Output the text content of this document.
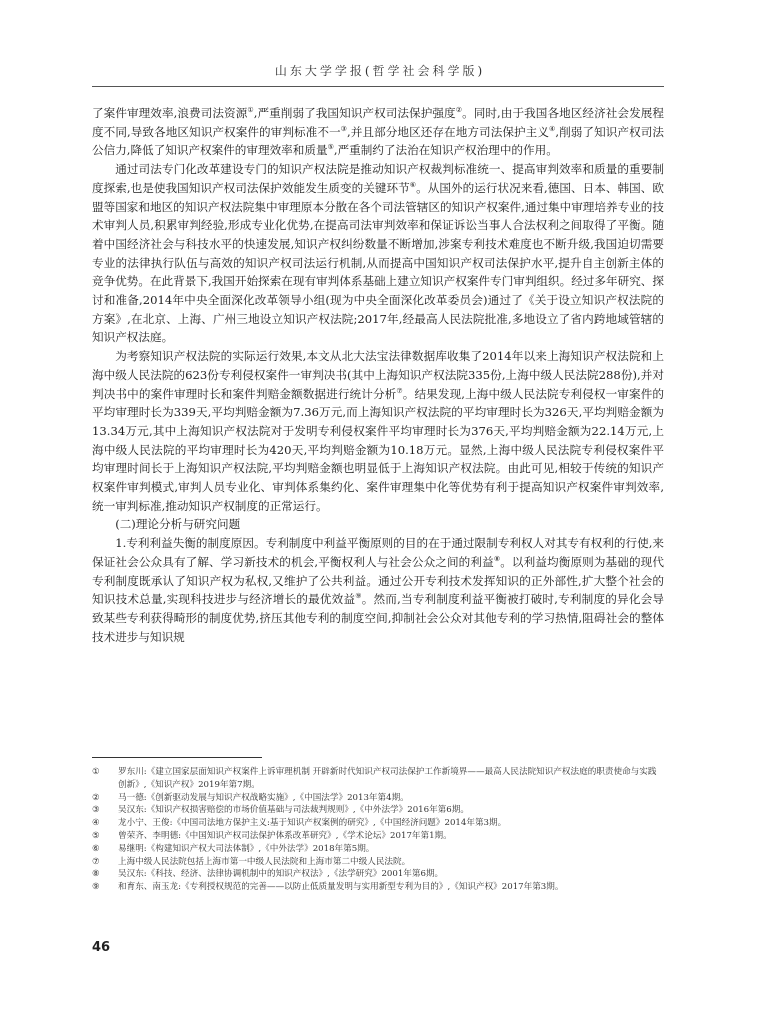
山东大学学报(哲学社会科学版)

了案件审理效率,浪费司法资源①,严重削弱了我国知识产权司法保护强度②。同时,由于我国各地区经济社会发展程度不同,导致各地区知识产权案件的审判标准不一③,并且部分地区还存在地方司法保护主义④,削弱了知识产权司法公信力,降低了知识产权案件的审理效率和质量⑤,严重制约了法治在知识产权治理中的作用。

通过司法专门化改革建设专门的知识产权法院是推动知识产权裁判标准统一、提高审判效率和质量的重要制度探索,也是使我国知识产权司法保护效能发生质变的关键环节⑥。从国外的运行状况来看,德国、日本、韩国、欧盟等国家和地区的知识产权法院集中审理原本分散在各个司法管辖区的知识产权案件,通过集中审理培养专业的技术审判人员,积累审判经验,形成专业化优势,在提高司法审判效率和保证诉讼当事人合法权利之间取得了平衡。随着中国经济社会与科技水平的快速发展,知识产权纠纷数量不断增加,涉案专利技术难度也不断升级,我国迫切需要专业的法律执行队伍与高效的知识产权司法运行机制,从而提高中国知识产权司法保护水平,提升自主创新主体的竞争优势。在此背景下,我国开始探索在现有审判体系基础上建立知识产权案件专门审判组织。经过多年研究、探讨和准备,2014年中央全面深化改革领导小组(现为中央全面深化改革委员会)通过了《关于设立知识产权法院的方案》,在北京、上海、广州三地设立知识产权法院;2017年,经最高人民法院批准,多地设立了省内跨地域管辖的知识产权法庭。

为考察知识产权法院的实际运行效果,本文从北大法宝法律数据库收集了2014年以来上海知识产权法院和上海中级人民法院的623份专利侵权案件一审判决书(其中上海知识产权法院335份,上海中级人民法院288份),并对判决书中的案件审理时长和案件判赔金额数据进行统计分析⑦。结果发现,上海中级人民法院专利侵权一审案件的平均审理时长为339天,平均判赔金额为7.36万元,而上海知识产权法院的平均审理时长为326天,平均判赔金额为13.34万元,其中上海知识产权法院对于发明专利侵权案件平均审理时长为376天,平均判赔金额为22.14万元,上海中级人民法院的平均审理时长为420天,平均判赔金额为10.18万元。显然,上海中级人民法院专利侵权案件平均审理时间长于上海知识产权法院,平均判赔金额也明显低于上海知识产权法院。由此可见,相较于传统的知识产权案件审判模式,审判人员专业化、审判体系集约化、案件审理集中化等优势有利于提高知识产权案件审判效率,统一审判标准,推动知识产权制度的正常运行。

(二)理论分析与研究问题

1.专利利益失衡的制度原因。专利制度中利益平衡原则的目的在于通过限制专利权人对其专有权利的行使,来保证社会公众具有了解、学习新技术的机会,平衡权利人与社会公众之间的利益⑧。以利益均衡原则为基础的现代专利制度既承认了知识产权为私权,又维护了公共利益。通过公开专利技术发挥知识的正外部性,扩大整个社会的知识技术总量,实现科技进步与经济增长的最优效益⑨。然而,当专利制度利益平衡被打破时,专利制度的异化会导致某些专利获得畸形的制度优势,挤压其他专利的制度空间,抑制社会公众对其他专利的学习热情,阻碍社会的整体技术进步与知识规

①	罗东川:《建立国家层面知识产权案件上诉审理机制 开辟新时代知识产权司法保护工作新境界——最高人民法院知识产权法庭的职责使命与实践创新》,《知识产权》2019年第7期。
②	马一德:《创新驱动发展与知识产权战略实施》,《中国法学》2013年第4期。
③	吴汉东:《知识产权损害赔偿的市场价值基础与司法裁判规则》,《中外法学》2016年第6期。
④	龙小宁、王俊:《中国司法地方保护主义:基于知识产权案例的研究》,《中国经济问题》2014年第3期。
⑤	曾荣齐、李明德:《中国知识产权司法保护体系改革研究》,《学术论坛》2017年第1期。
⑥	易继明:《构建知识产权大司法体制》,《中外法学》2018年第5期。
⑦	上海中级人民法院包括上海市第一中级人民法院和上海市第二中级人民法院。
⑧	吴汉东:《科技、经济、法律协调机制中的知识产权法》,《法学研究》2001年第6期。
⑨	和育东、南玉龙:《专利授权规范的完善——以防止低质量发明与实用新型专利为目的》,《知识产权》2017年第3期。
46
